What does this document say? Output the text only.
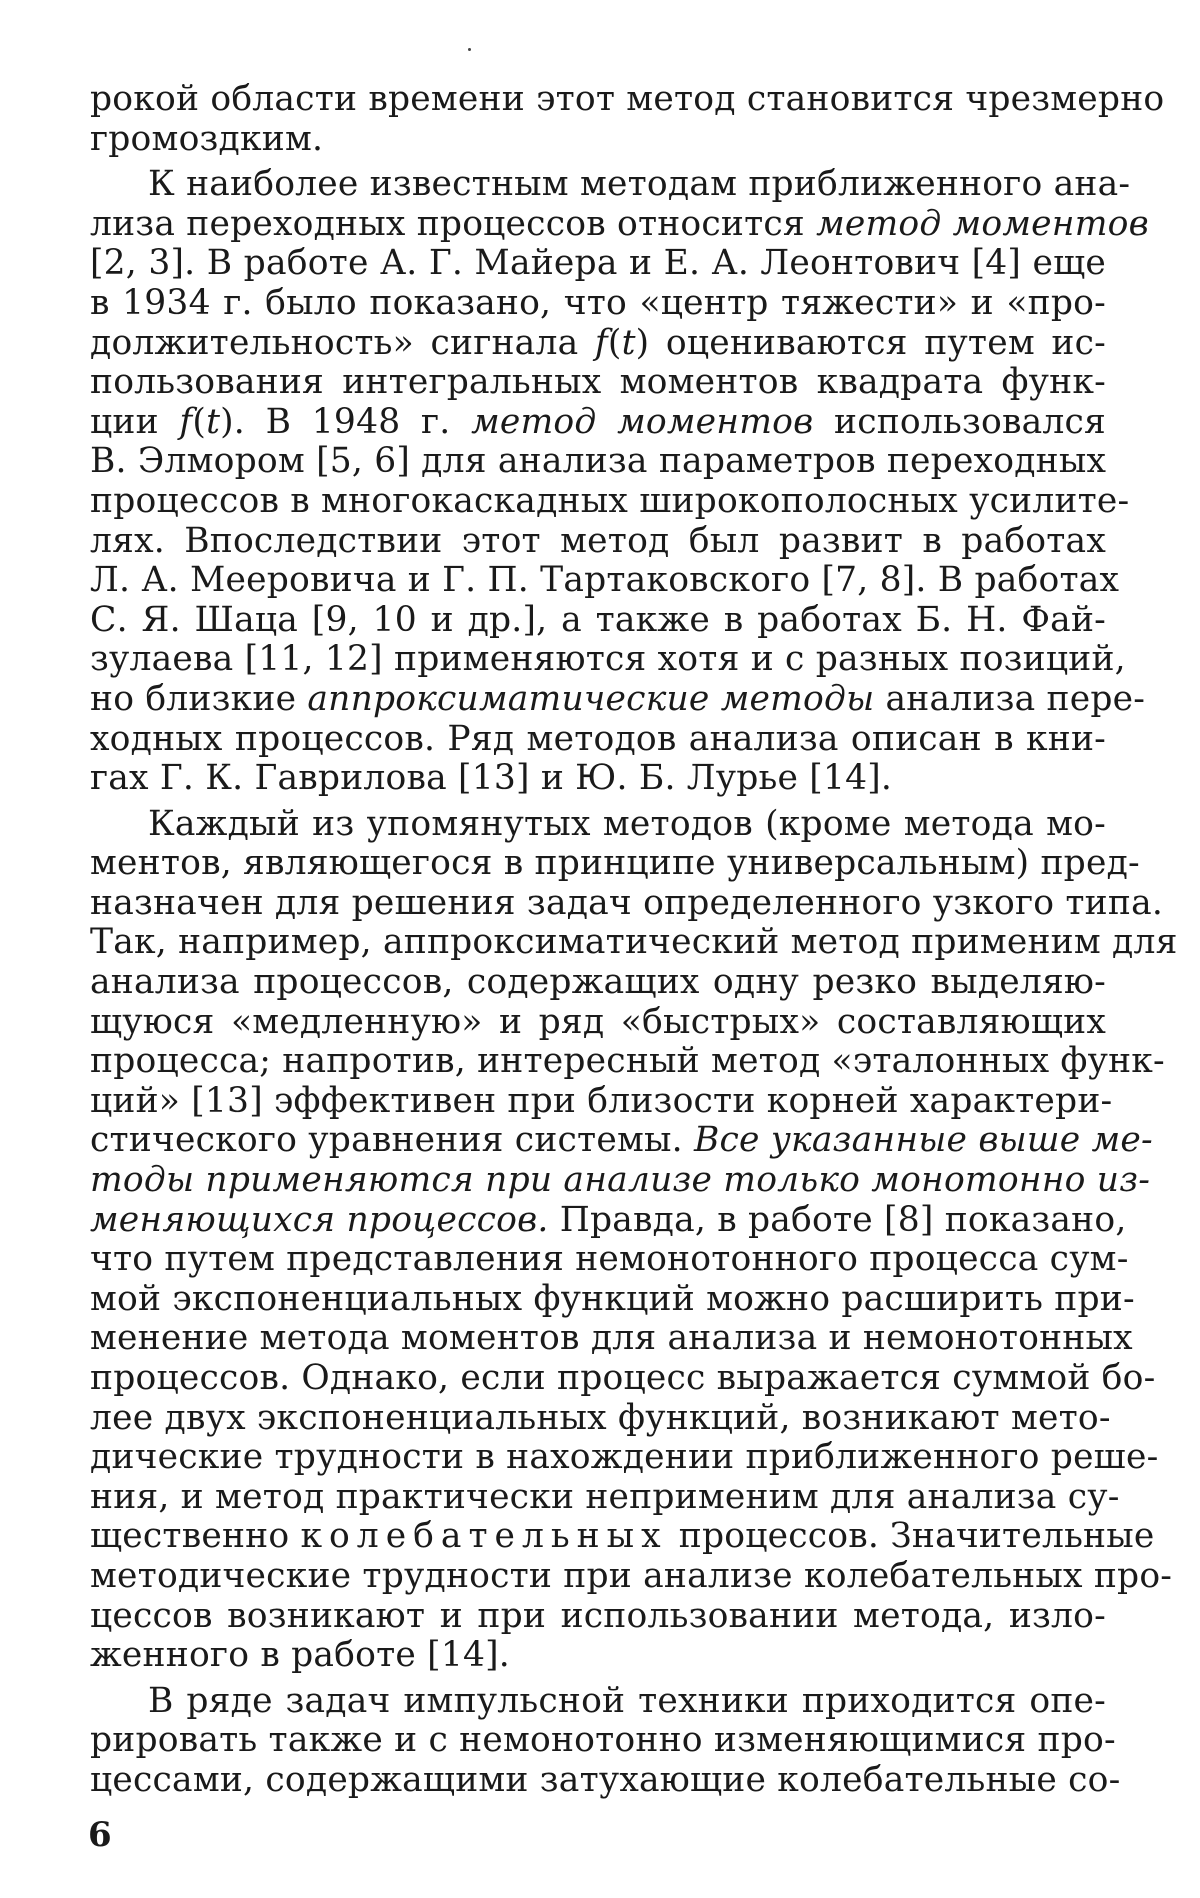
рокой области времени этот метод становится чрезмерно
громоздким.
К наиболее известным методам приближенного ана-
лиза переходных процессов относится метод моментов
[2, 3]. В работе А. Г. Майера и Е. А. Леонтович [4] еще
в 1934 г. было показано, что «центр тяжести» и «про-
должительность» сигнала f(t) оцениваются путем ис-
пользования интегральных моментов квадрата функ-
ции f(t). В 1948 г. метод моментов использовался
В. Элмором [5, 6] для анализа параметров переходных
процессов в многокаскадных широкополосных усилите-
лях. Впоследствии этот метод был развит в работах
Л. А. Мееровича и Г. П. Тартаковского [7, 8]. В работах
С. Я. Шаца [9, 10 и др.], а также в работах Б. Н. Фай-
зулаева [11, 12] применяются хотя и с разных позиций,
но близкие аппроксиматические методы анализа пере-
ходных процессов. Ряд методов анализа описан в кни-
гах Г. К. Гаврилова [13] и Ю. Б. Лурье [14].
Каждый из упомянутых методов (кроме метода мо-
ментов, являющегося в принципе универсальным) пред-
назначен для решения задач определенного узкого типа.
Так, например, аппроксиматический метод применим для
анализа процессов, содержащих одну резко выделяю-
щуюся «медленную» и ряд «быстрых» составляющих
процесса; напротив, интересный метод «эталонных функ-
ций» [13] эффективен при близости корней характери-
стического уравнения системы. Все указанные выше ме-
тоды применяются при анализе только монотонно из-
меняющихся процессов. Правда, в работе [8] показано,
что путем представления немонотонного процесса сум-
мой экспоненциальных функций можно расширить при-
менение метода моментов для анализа и немонотонных
процессов. Однако, если процесс выражается суммой бо-
лее двух экспоненциальных функций, возникают мето-
дические трудности в нахождении приближенного реше-
ния, и метод практически неприменим для анализа су-
щественно колебательных процессов. Значительные
методические трудности при анализе колебательных про-
цессов возникают и при использовании метода, изло-
женного в работе [14].
В ряде задач импульсной техники приходится опе-
рировать также и с немонотонно изменяющимися про-
цессами, содержащими затухающие колебательные со-
6
